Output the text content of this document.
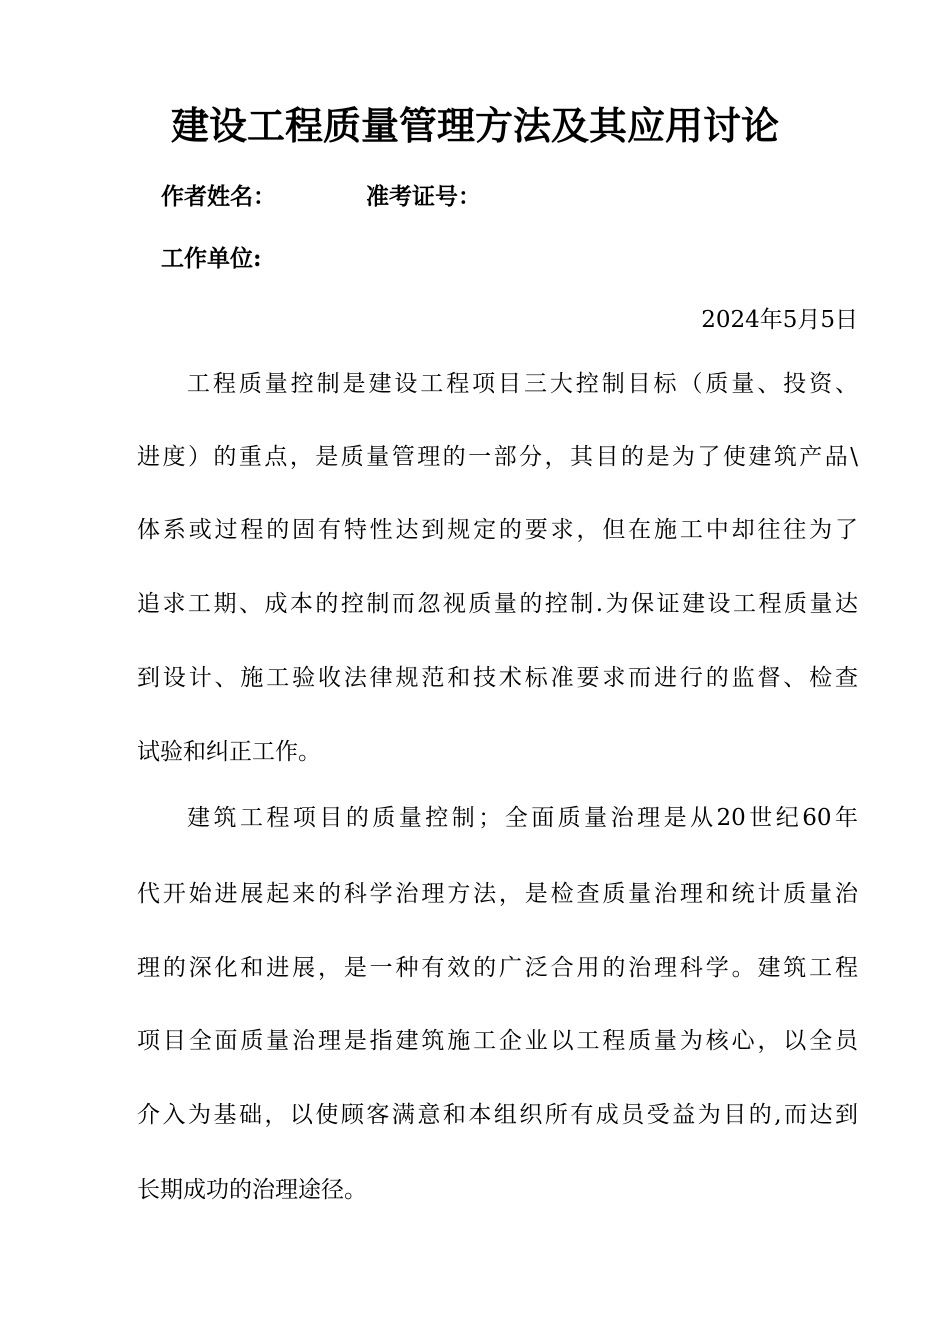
建设工程质量管理方法及其应用讨论
作者姓名：	准考证号：
工作单位:
2024年5月5日
工程质量控制是建设工程项目三大控制目标（质量、投资、
进度）的重点，是质量管理的一部分，其目的是为了使建筑产品\
体系或过程的固有特性达到规定的要求，但在施工中却往往为了
追求工期、成本的控制而忽视质量的控制.为保证建设工程质量达
到设计、施工验收法律规范和技术标准要求而进行的监督、检查
试验和纠正工作。
建筑工程项目的质量控制；全面质量治理是从20世纪60年
代开始进展起来的科学治理方法，是检查质量治理和统计质量治
理的深化和进展，是一种有效的广泛合用的治理科学。建筑工程
项目全面质量治理是指建筑施工企业以工程质量为核心，以全员
介入为基础，以使顾客满意和本组织所有成员受益为目的,而达到
长期成功的治理途径。
